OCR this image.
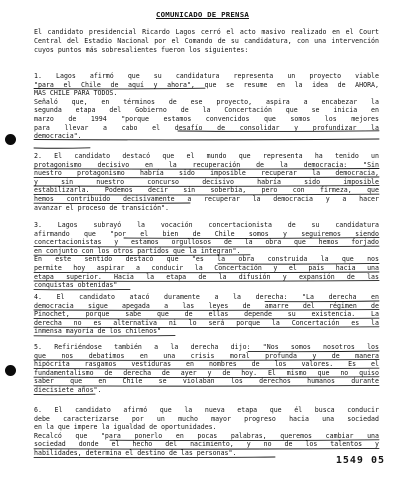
COMUNICADO DE PRENSA
El candidato presidencial Ricardo Lagos cerró el acto masivo realizado en el Court Central del Estadio Nacional por el Comando de su candidatura, con una intervención cuyos puntos más sobresalientes fueron los siguientes:
1. Lagos afirmó que su candidatura representa un proyecto viable
"para el Chile de aquí y ahora", que se resume en la idea de AHORA,
MÁS CHILE PARA TODOS.
Señaló que, en términos de ese proyecto, aspira a encabezar la
segunda etapa del Gobierno de la Concertación que se inicia en
marzo de 1994 "porque estamos convencidos que somos los mejores
para llevar a cabo el desafío de consolidar y profundizar la
democracia".
2. El candidato destacó que el mundo que representa ha tenido un
protagonismo decisivo en la recuperación de la democracia: "Sin
nuestro protagonismo habría sido imposible recuperar la democracia,
y sin nuestro concurso decisivo habría sido imposible
estabilizarla. Podemos decir sin soberbia, pero con firmeza, que
hemos contribuido decisivamente a recuperar la democracia y a hacer
avanzar el proceso de transición".
3. Lagos subrayó la vocación concertacionista de su candidatura
afirmando que "por el bien de Chile somos y seguiremos siendo
concertacionistas y estamos orgullosos de la obra que hemos forjado
en conjunto con los otros partidos que la integran".
En este sentido destacó que "es la obra construida la que nos
permite hoy aspirar a conducir la Concertación y el país hacia una
etapa superior. Hacia la etapa de la difusión y expansión de las
conquistas obtenidas"
4. El candidato atacó duramente a la derecha: "La derecha en
democracia sigue apegada a las leyes de amarre del régimen de
Pinochet, porque sabe que de ellas depende su existencia. La
derecha no es alternativa ni lo será porque la Concertación es la
inmensa mayoría de los chilenos"
5. Refiriéndose también a la derecha dijo: "Nos somos nosotros los
que nos debatimos en una crisis moral profunda y de manera
hipócrita rasgamos vestiduras en nombres de los valores. Es el
fundamentalismo de derecha de ayer y de hoy. El mismo que no quiso
saber que en Chile se violaban los derechos humanos durante
diecisiete años".
6. El candidato afirmó que la nueva etapa que él busca conducir
debe caracterizarse por un mucho mayor progreso hacia una sociedad
en la que impere la igualdad de oportunidades.
Recalcó que "para ponerlo en pocas palabras, queremos cambiar una
sociedad donde el hecho del nacimiento, y no de los talentos y
habilidades, determina el destino de las personas".
1549 05
